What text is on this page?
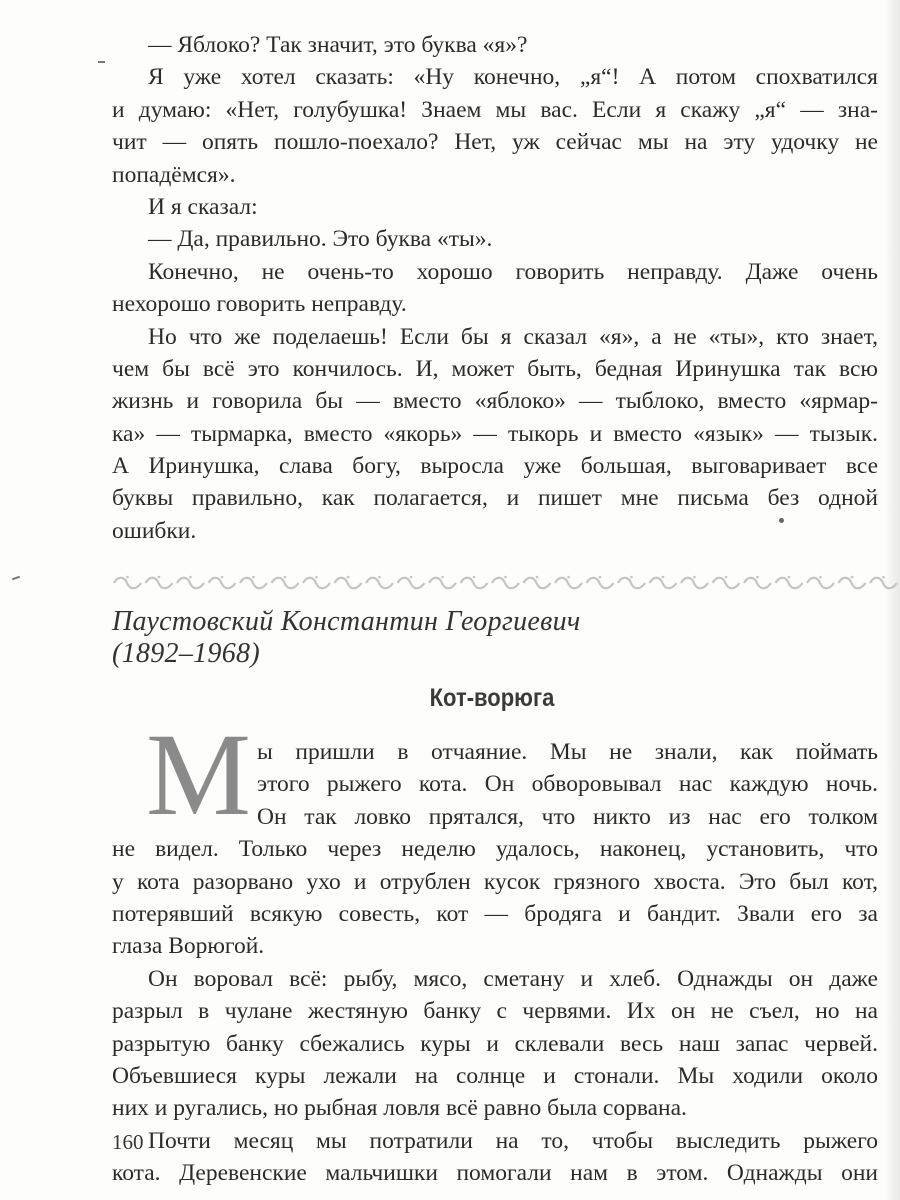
— Яблоко? Так значит, это буква «я»?
Я уже хотел сказать: «Ну конечно, „я“! А потом спохватился
и думаю: «Нет, голубушка! Знаем мы вас. Если я скажу „я“ — зна-
чит — опять пошло-поехало? Нет, уж сейчас мы на эту удочку не
попадёмся».
И я сказал:
— Да, правильно. Это буква «ты».
Конечно, не очень-то хорошо говорить неправду. Даже очень
нехорошо говорить неправду.
Но что же поделаешь! Если бы я сказал «я», а не «ты», кто знает,
чем бы всё это кончилось. И, может быть, бедная Иринушка так всю
жизнь и говорила бы — вместо «яблоко» — тыблоко, вместо «ярмар-
ка» — тырмарка, вместо «якорь» — тыкорь и вместо «язык» — тызык.
А Иринушка, слава богу, выросла уже большая, выговаривает все
буквы правильно, как полагается, и пишет мне письма без одной
ошибки.
Паустовский Константин Георгиевич
(1892–1968)
Кот-ворюга
М ы пришли в отчаяние. Мы не знали, как поймать
этого рыжего кота. Он обворовывал нас каждую ночь.
Он так ловко прятался, что никто из нас его толком
не видел. Только через неделю удалось, наконец, установить, что
у кота разорвано ухо и отрублен кусок грязного хвоста. Это был кот,
потерявший всякую совесть, кот — бродяга и бандит. Звали его за
глаза Ворюгой.
Он воровал всё: рыбу, мясо, сметану и хлеб. Однажды он даже
разрыл в чулане жестяную банку с червями. Их он не съел, но на
разрытую банку сбежались куры и склевали весь наш запас червей.
Объевшиеся куры лежали на солнце и стонали. Мы ходили около
них и ругались, но рыбная ловля всё равно была сорвана.
Почти месяц мы потратили на то, чтобы выследить рыжего
кота. Деревенские мальчишки помогали нам в этом. Однажды они
160
